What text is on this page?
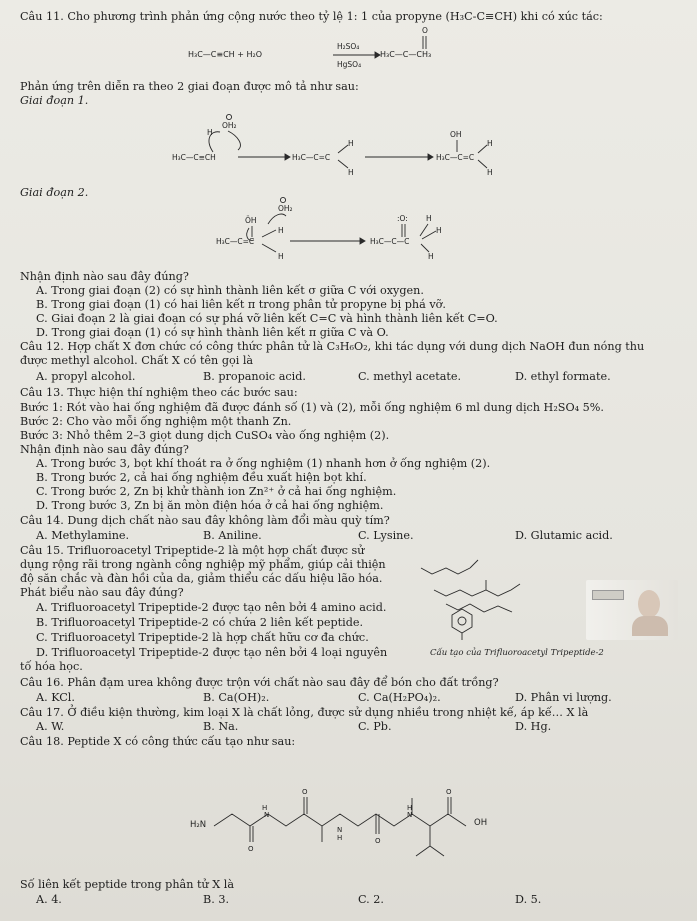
Câu 11. Cho phương trình phản ứng cộng nước theo tỷ lệ 1: 1 của propyne (H₃C-C≡CH) khi có xúc tác:
H₃C—C≡CH + H₂O
H₂SO₄
HgSO₄
H₃C—C—CH₃
O
Phản ứng trên diễn ra theo 2 giai đoạn được mô tả như sau:
Giai đoạn 1.
OH₂
H
H₃C—C≡CH	H₃C—C=C
H
H
H₃C—C=C
OH
H
H
Giai đoạn 2.
ÖH
OH₂
H₃C—C=C
H
H
H₃C—C—C
:O: H
H
H
Nhận định nào sau đây đúng?
A. Trong giai đoạn (2) có sự hình thành liên kết σ giữa C với oxygen.
B. Trong giai đoạn (1) có hai liên kết π trong phân tử propyne bị phá vỡ.
C. Giai đoạn 2 là giai đoạn có sự phá vỡ liên kết C=C và hình thành liên kết C=O.
D. Trong giai đoạn (1) có sự hình thành liên kết π giữa C và O.
Câu 12. Hợp chất X đơn chức có công thức phân tử là C₃H₆O₂, khi tác dụng với dung dịch NaOH đun nóng thu
được methyl alcohol. Chất X có tên gọi là
A. propyl alcohol.	B. propanoic acid.	C. methyl acetate.	D. ethyl formate.
Câu 13. Thực hiện thí nghiệm theo các bước sau:
Bước 1: Rót vào hai ống nghiệm đã được đánh số (1) và (2), mỗi ống nghiệm 6 ml dung dịch H₂SO₄ 5%.
Bước 2: Cho vào mỗi ống nghiệm một thanh Zn.
Bước 3: Nhỏ thêm 2–3 giọt dung dịch CuSO₄ vào ống nghiệm (2).
Nhận định nào sau đây đúng?
A. Trong bước 3, bọt khí thoát ra ở ống nghiệm (1) nhanh hơn ở ống nghiệm (2).
B. Trong bước 2, cả hai ống nghiệm đều xuất hiện bọt khí.
C. Trong bước 2, Zn bị khử thành ion Zn²⁺ ở cả hai ống nghiệm.
D. Trong bước 3, Zn bị ăn mòn điện hóa ở cả hai ống nghiệm.
Câu 14. Dung dịch chất nào sau đây không làm đổi màu quỳ tím?
A. Methylamine.	B. Aniline.	C. Lysine.	D. Glutamic acid.
Câu 15. Trifluoroacetyl Tripeptide-2 là một hợp chất được sử
dụng rộng rãi trong ngành công nghiệp mỹ phẩm, giúp cải thiện
độ săn chắc và đàn hồi của da, giảm thiểu các dấu hiệu lão hóa.
Phát biểu nào sau đây đúng?
A. Trifluoroacetyl Tripeptide-2 được tạo nên bởi 4 amino acid.
B. Trifluoroacetyl Tripeptide-2 có chứa 2 liên kết peptide.
C. Trifluoroacetyl Tripeptide-2 là hợp chất hữu cơ đa chức.
D. Trifluoroacetyl Tripeptide-2 được tạo nên bởi 4 loại nguyên
tố hóa học.
Cấu tạo của Trifluoroacetyl Tripeptide-2
Câu 16. Phân đạm urea không được trộn với chất nào sau đây để bón cho đất trồng?
A. KCl.	B. Ca(OH)₂.	C. Ca(H₂PO₄)₂.	D. Phân vi lượng.
Câu 17. Ở điều kiện thường, kim loại X là chất lỏng, được sử dụng nhiều trong nhiệt kế, áp kế… X là
A. W.	B. Na.	C. Pb.	D. Hg.
Câu 18. Peptide X có công thức cấu tạo như sau:
H₂N	OH
Số liên kết peptide trong phân tử X là
A. 4.	B. 3.	C. 2.	D. 5.
H
N
N
H
H
N
O
O
O
O
